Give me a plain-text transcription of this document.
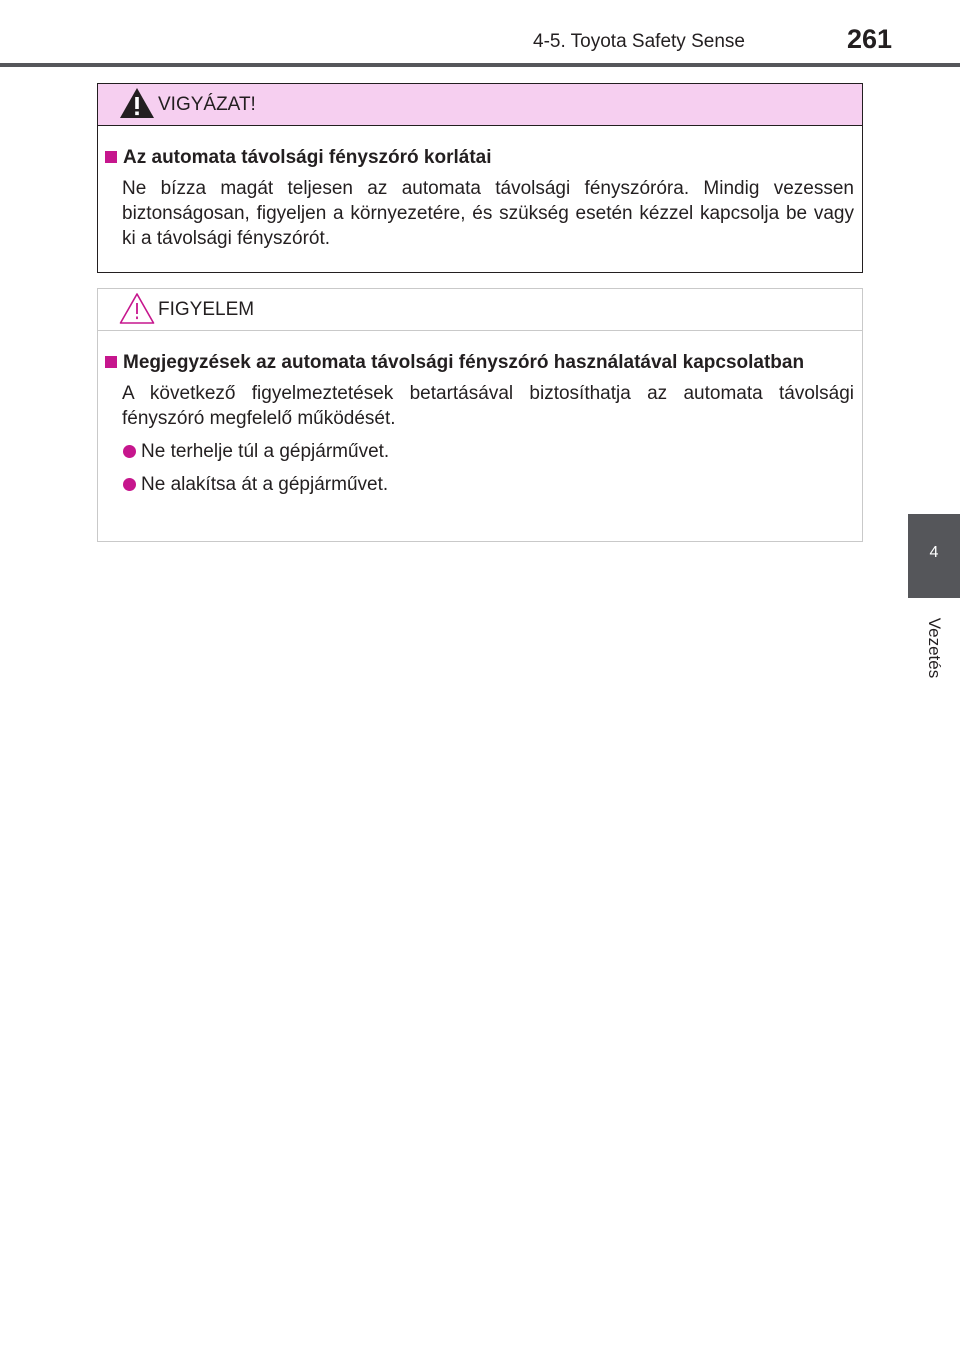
4-5. Toyota Safety Sense	261
4
Vezetés
VIGYÁZAT!
Az automata távolsági fényszóró korlátai

Ne bízza magát teljesen az automata távolsági fényszóróra. Mindig vezessen biztonságosan, figyeljen a környezetére, és szükség esetén kézzel kapcsolja be vagy ki a távolsági fényszórót.

FIGYELEM
Megjegyzések az automata távolsági fényszóró használatával kapcsolatban

A következő figyelmeztetések betartásával biztosíthatja az automata távolsági fényszóró megfelelő működését.

Ne terhelje túl a gépjárművet.
Ne alakítsa át a gépjárművet.
